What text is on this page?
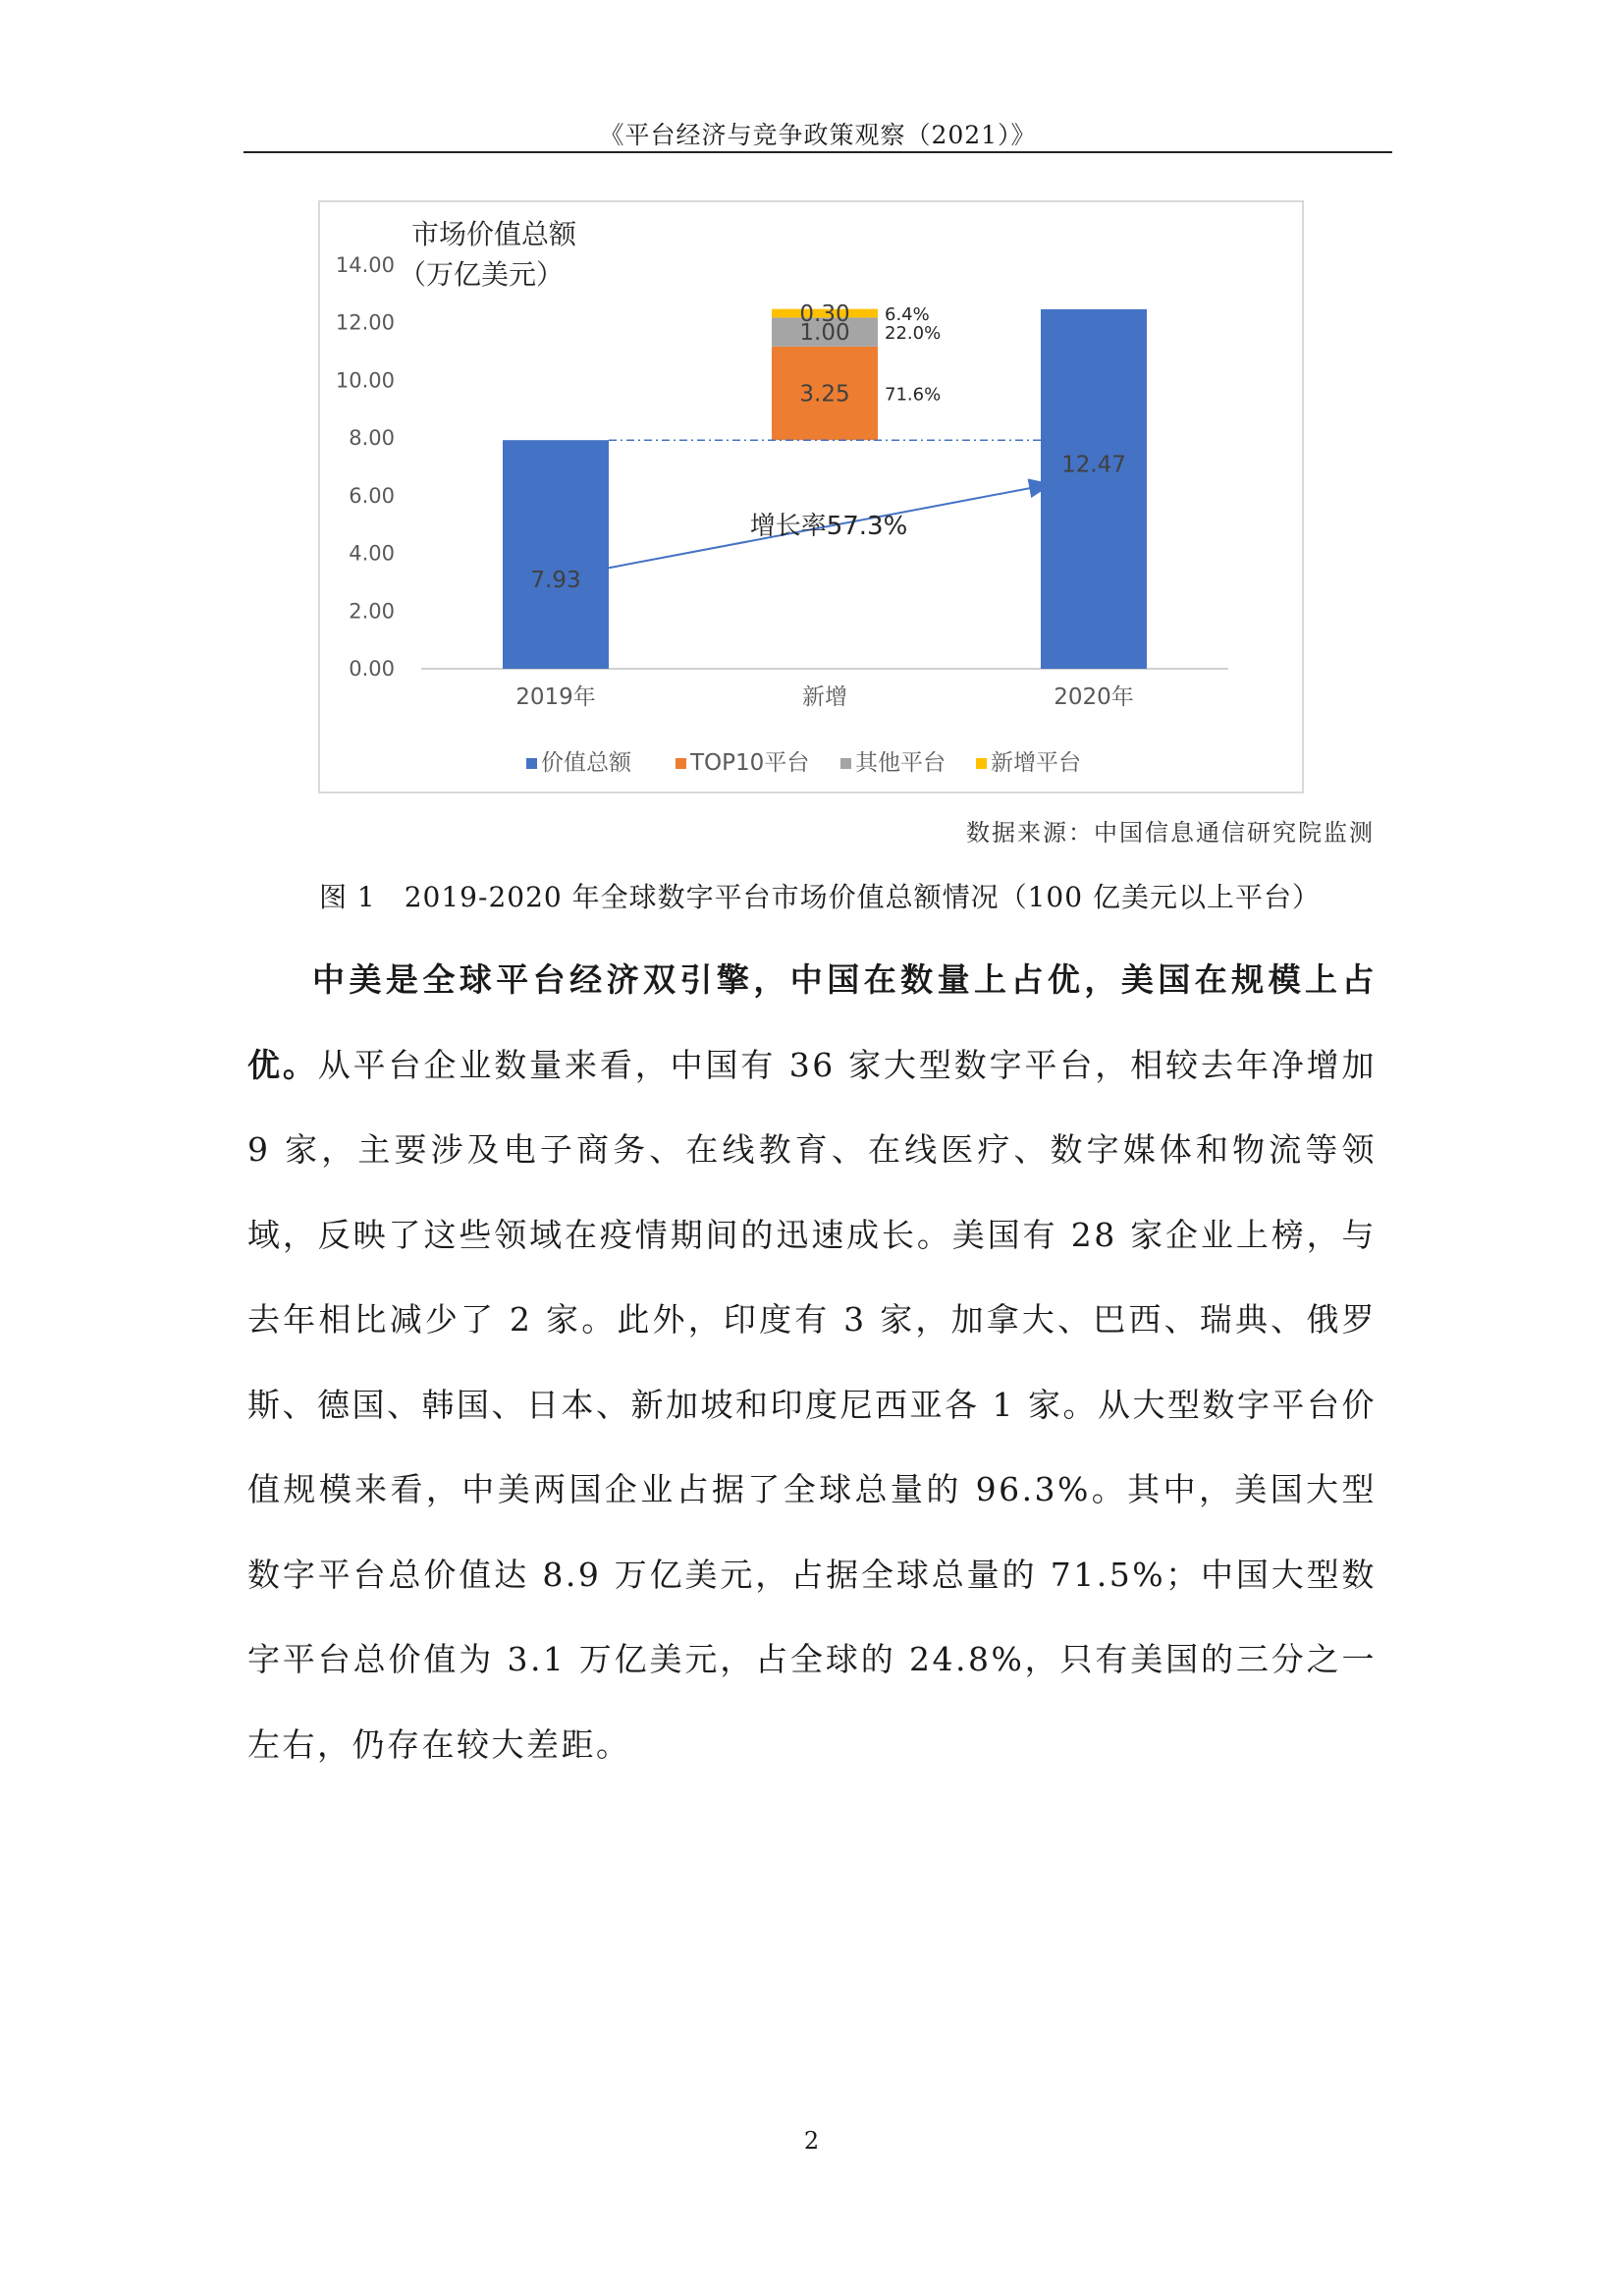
《平台经济与竞争政策观察（2021）》
0.00
2.00
4.00
6.00
8.00
10.00
12.00
14.00
市场价值总额
（万亿美元）
2019年	新增	2020年
7.93
12.47
3.25 71.6%
1.00 22.0%
0.30 6.4%
增长率57.3%
价值总额	TOP10平台 其他平台 新增平台
数据来源：中国信息通信研究院监测
图 1　2019-2020 年全球数字平台市场价值总额情况（100 亿美元以上平台）
中美是全球平台经济双引擎，中国在数量上占优，美国在规模上占优。从平台企业数量来看，中国有 36 家大型数字平台，相较去年净增加 9 家，主要涉及电子商务、在线教育、在线医疗、数字媒体和物流等领域，反映了这些领域在疫情期间的迅速成长。美国有 28 家企业上榜，与去年相比减少了 2 家。此外，印度有 3 家，加拿大、巴西、瑞典、俄罗斯、德国、韩国、日本、新加坡和印度尼西亚各 1 家。从大型数字平台价值规模来看，中美两国企业占据了全球总量的 96.3%。其中，美国大型数字平台总价值达 8.9 万亿美元，占据全球总量的 71.5%；中国大型数字平台总价值为 3.1 万亿美元，占全球的 24.8%，只有美国的三分之一左右，仍存在较大差距。
2
